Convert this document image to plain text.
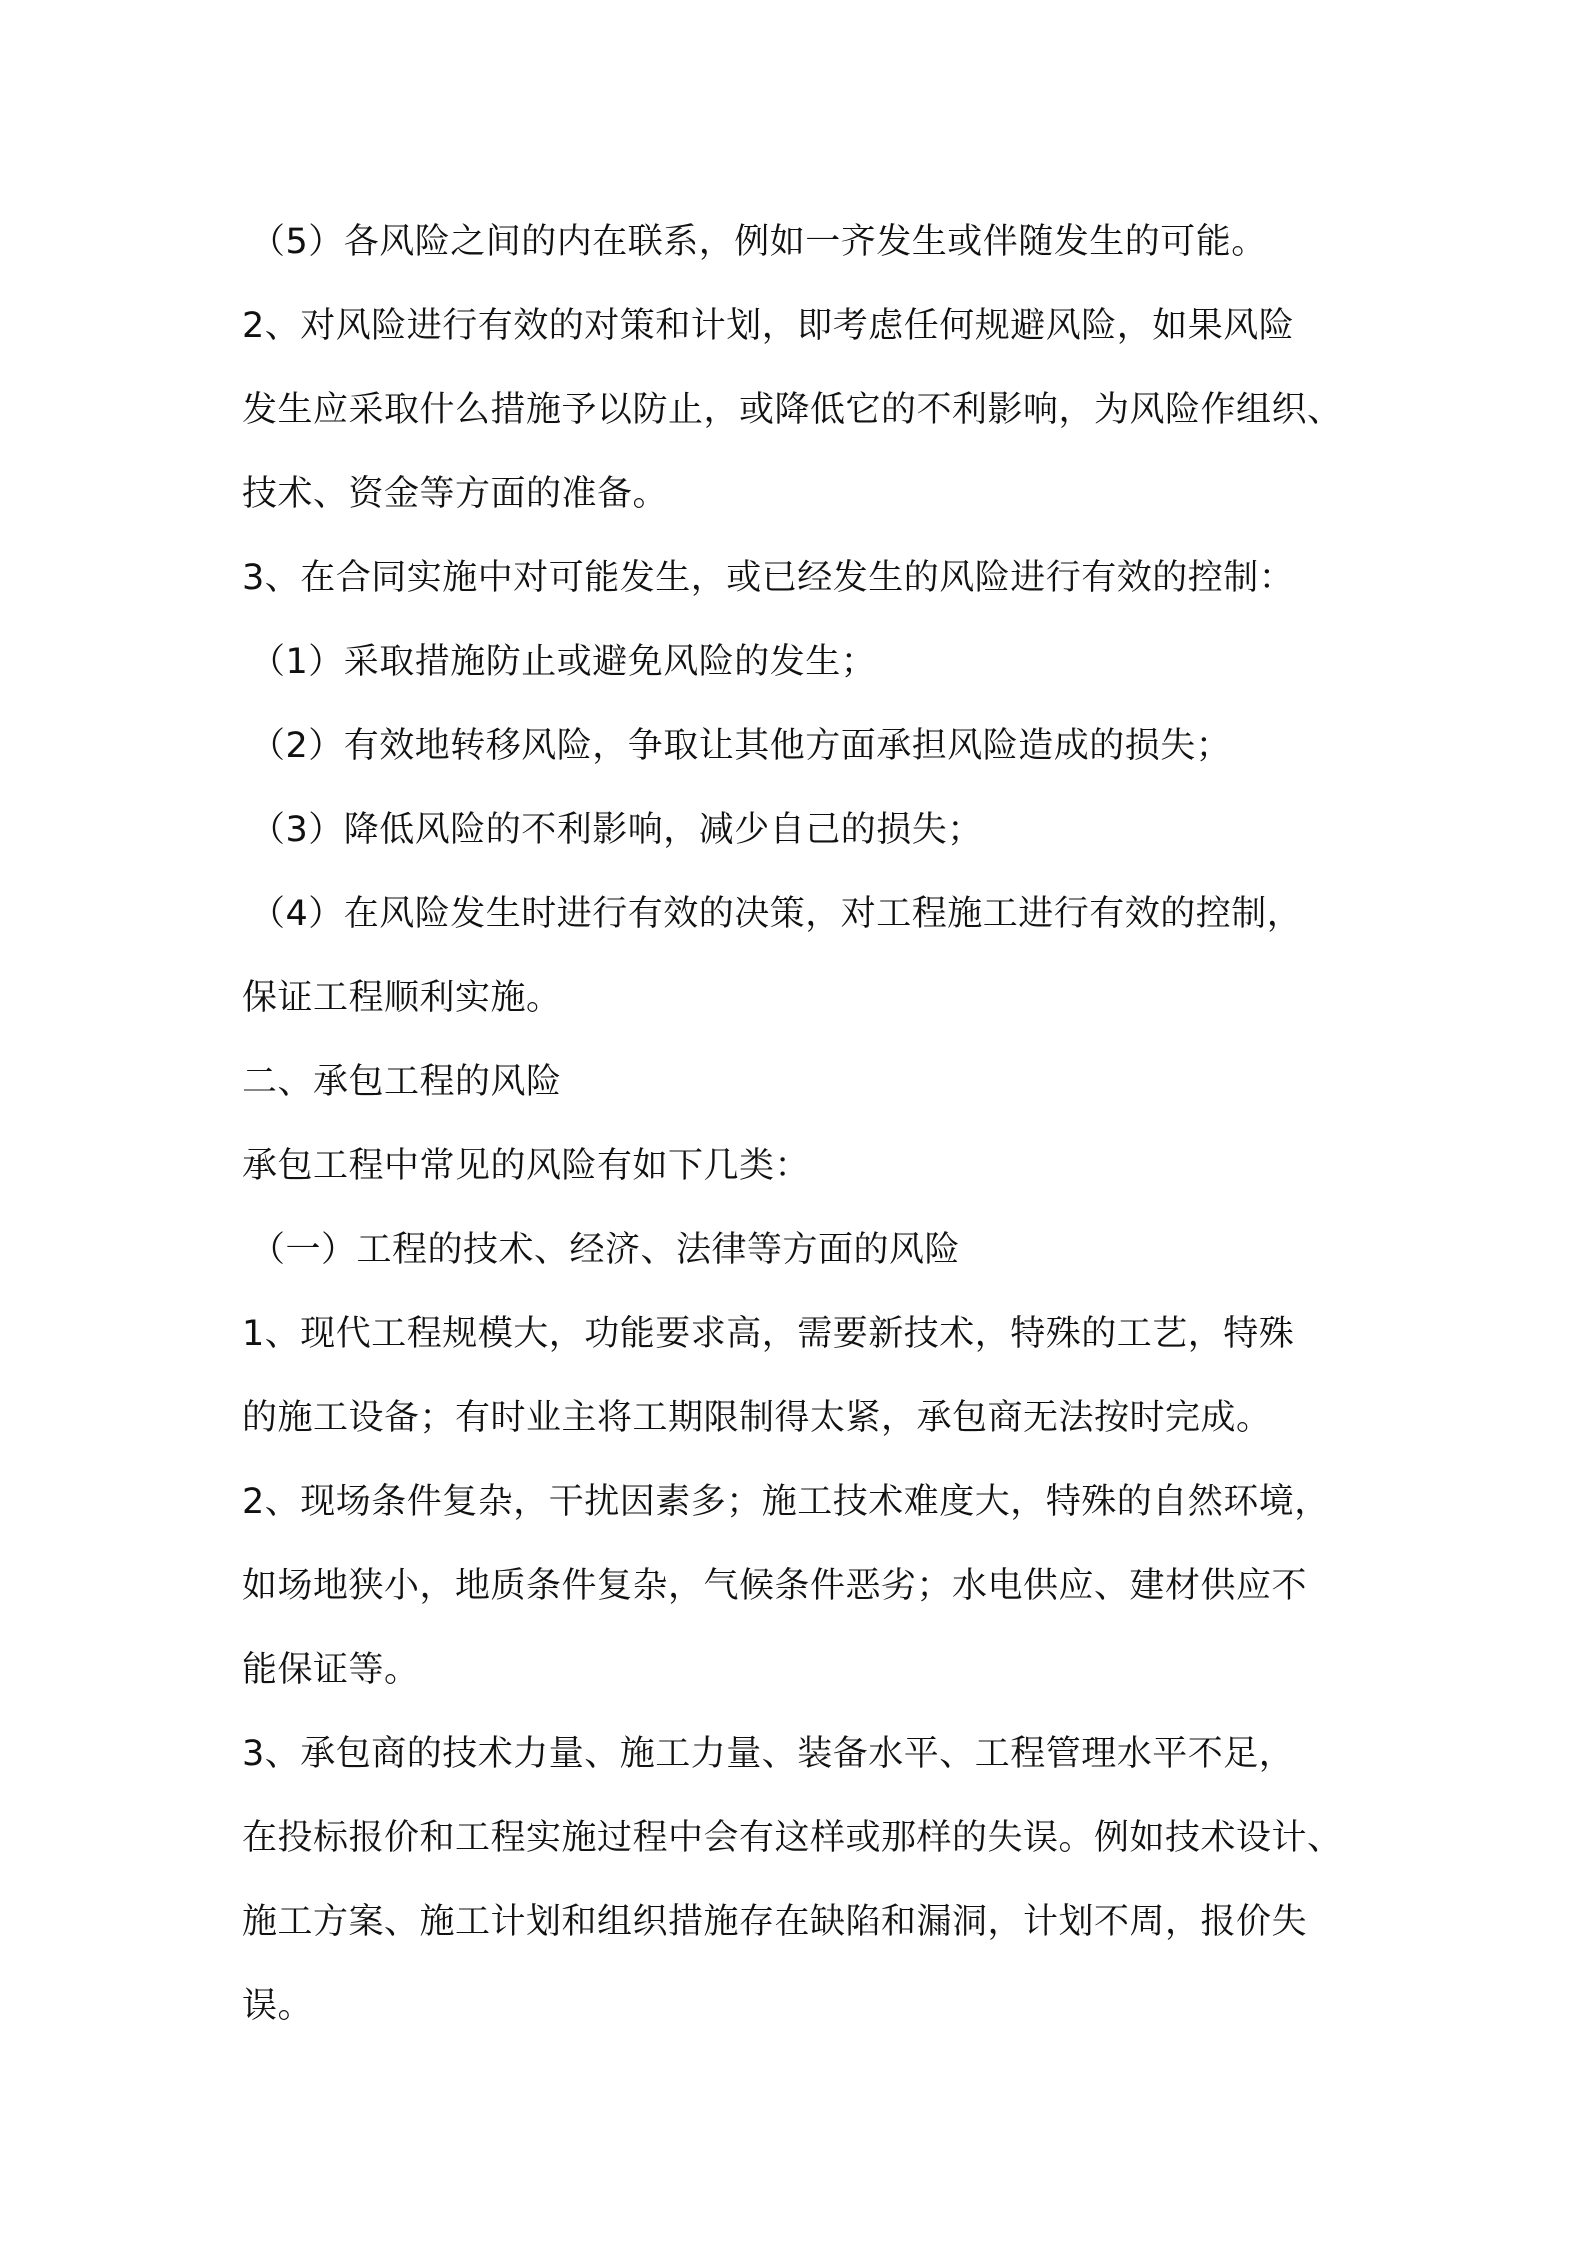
（5）各风险之间的内在联系，例如一齐发生或伴随发生的可能。
2、对风险进行有效的对策和计划，即考虑任何规避风险，如果风险
发生应采取什么措施予以防止，或降低它的不利影响，为风险作组织、
技术、资金等方面的准备。
3、在合同实施中对可能发生，或已经发生的风险进行有效的控制：
（1）采取措施防止或避免风险的发生；
（2）有效地转移风险，争取让其他方面承担风险造成的损失；
（3）降低风险的不利影响，减少自己的损失；
（4）在风险发生时进行有效的决策，对工程施工进行有效的控制，
保证工程顺利实施。
二、承包工程的风险
承包工程中常见的风险有如下几类：
（一）工程的技术、经济、法律等方面的风险
1、现代工程规模大，功能要求高，需要新技术，特殊的工艺，特殊
的施工设备；有时业主将工期限制得太紧，承包商无法按时完成。
2、现场条件复杂，干扰因素多；施工技术难度大，特殊的自然环境，
如场地狭小，地质条件复杂，气候条件恶劣；水电供应、建材供应不
能保证等。
3、承包商的技术力量、施工力量、装备水平、工程管理水平不足，
在投标报价和工程实施过程中会有这样或那样的失误。例如技术设计、
施工方案、施工计划和组织措施存在缺陷和漏洞，计划不周，报价失
误。
